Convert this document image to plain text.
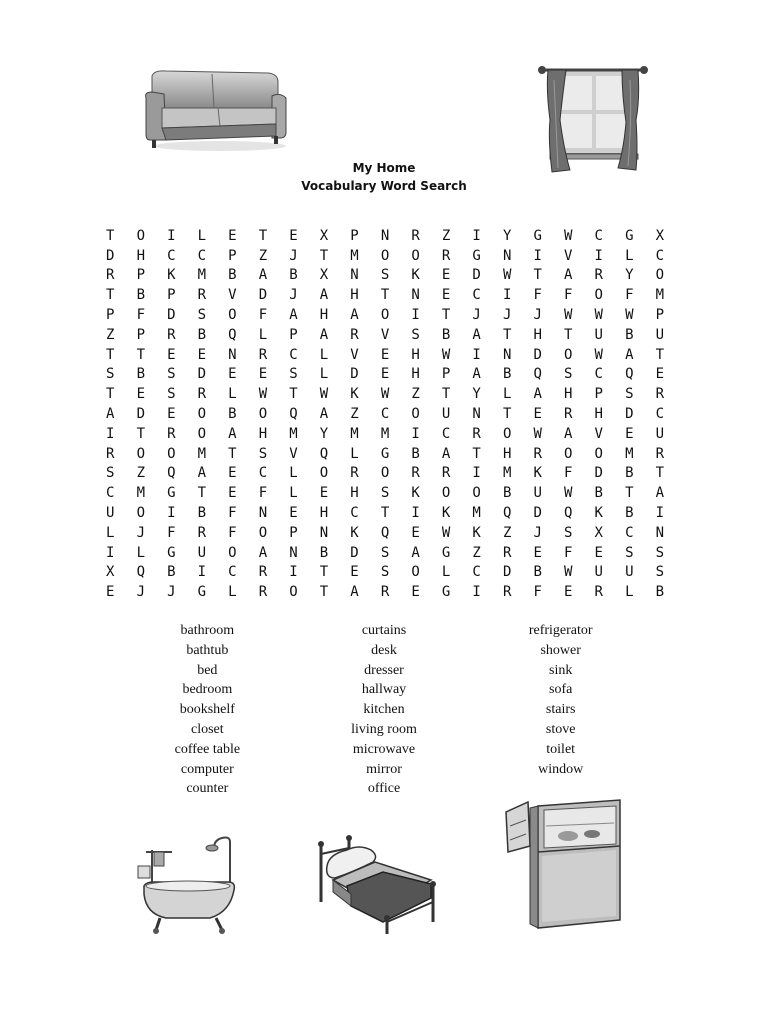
My Home
Vocabulary Word Search
T	O	I	L	E	T	E	X	P	N	R	Z	I	Y	G	W	C	G	X
D	H	C	C	P	Z	J	T	M	O	O	R	G	N	I	V	I	L	C
R	P	K	M	B	A	B	X	N	S	K	E	D	W	T	A	R	Y	O
T	B	P	R	V	D	J	A	H	T	N	E	C	I	F	F	O	F	M
P	F	D	S	O	F	A	H	A	O	I	T	J	J	J	W	W	W	P
Z	P	R	B	Q	L	P	A	R	V	S	B	A	T	H	T	U	B	U
T	T	E	E	N	R	C	L	V	E	H	W	I	N	D	O	W	A	T
S	B	S	D	E	E	S	L	D	E	H	P	A	B	Q	S	C	Q	E
T	E	S	R	L	W	T	W	K	W	Z	T	Y	L	A	H	P	S	R
A	D	E	O	B	O	Q	A	Z	C	O	U	N	T	E	R	H	D	C
I	T	R	O	A	H	M	Y	M	M	I	C	R	O	W	A	V	E	U
R	O	O	M	T	S	V	Q	L	G	B	A	T	H	R	O	O	M	R
S	Z	Q	A	E	C	L	O	R	O	R	R	I	M	K	F	D	B	T
C	M	G	T	E	F	L	E	H	S	K	O	O	B	U	W	B	T	A
U	O	I	B	F	N	E	H	C	T	I	K	M	Q	D	Q	K	B	I
L	J	F	R	F	O	P	N	K	Q	E	W	K	Z	J	S	X	C	N
I	L	G	U	O	A	N	B	D	S	A	G	Z	R	E	F	E	S	S
X	Q	B	I	C	R	I	T	E	S	O	L	C	D	B	W	U	U	S
E	J	J	G	L	R	O	T	A	R	E	G	I	R	F	E	R	L	B
bathroom
bathtub
bed
bedroom
bookshelf
closet
coffee table
computer
counter
curtains
desk
dresser
hallway
kitchen
living room
microwave
mirror
office
refrigerator
shower
sink
sofa
stairs
stove
toilet
window
